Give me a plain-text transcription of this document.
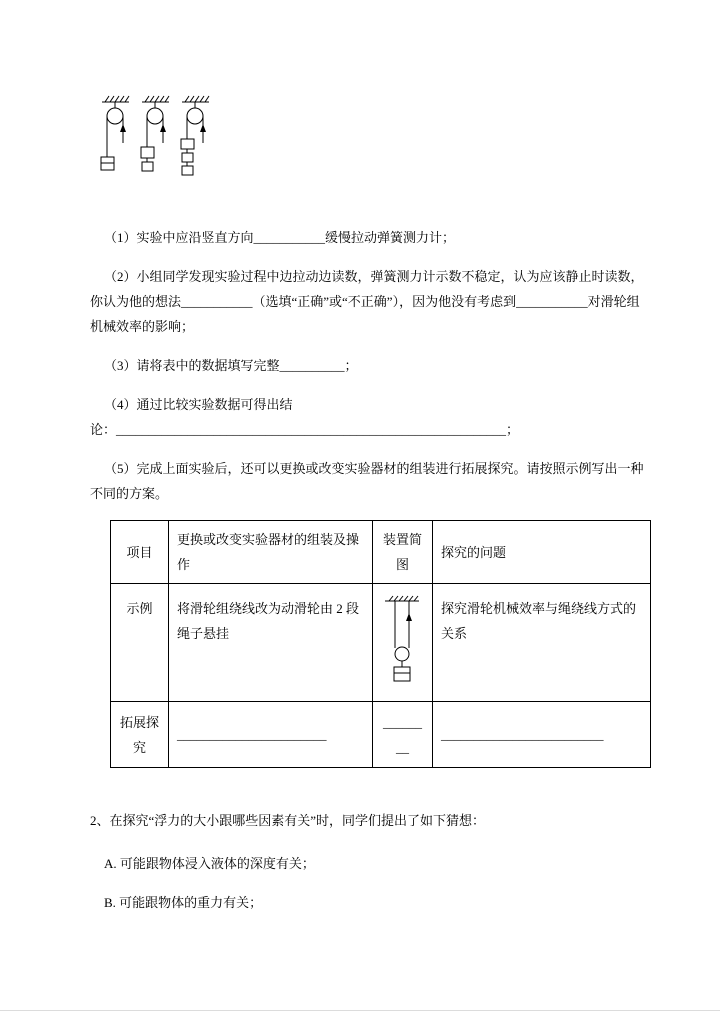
（1）实验中应沿竖直方向___________缓慢拉动弹簧测力计；

（2）小组同学发现实验过程中边拉动边读数，弹簧测力计示数不稳定，认为应该静止时读数，你认为他的想法___________（选填“正确”或“不正确”），因为他没有考虑到___________对滑轮组机械效率的影响；

（3）请将表中的数据填写完整__________；

（4）通过比较实验数据可得出结

论：____________________________________________________________；

（5）完成上面实验后，还可以更换或改变实验器材的组装进行拓展探究。请按照示例写出一种不同的方案。

项目	更换或改变实验器材的组装及操作	装置简图	探究的问题
示例	将滑轮组绕线改为动滑轮由 2 段绳子悬挂		探究滑轮机械效率与绳绕线方式的关系
拓展探究	_______________________	________	_________________________

2、在探究“浮力的大小跟哪些因素有关”时，同学们提出了如下猜想：

A. 可能跟物体浸入液体的深度有关；

B. 可能跟物体的重力有关；
